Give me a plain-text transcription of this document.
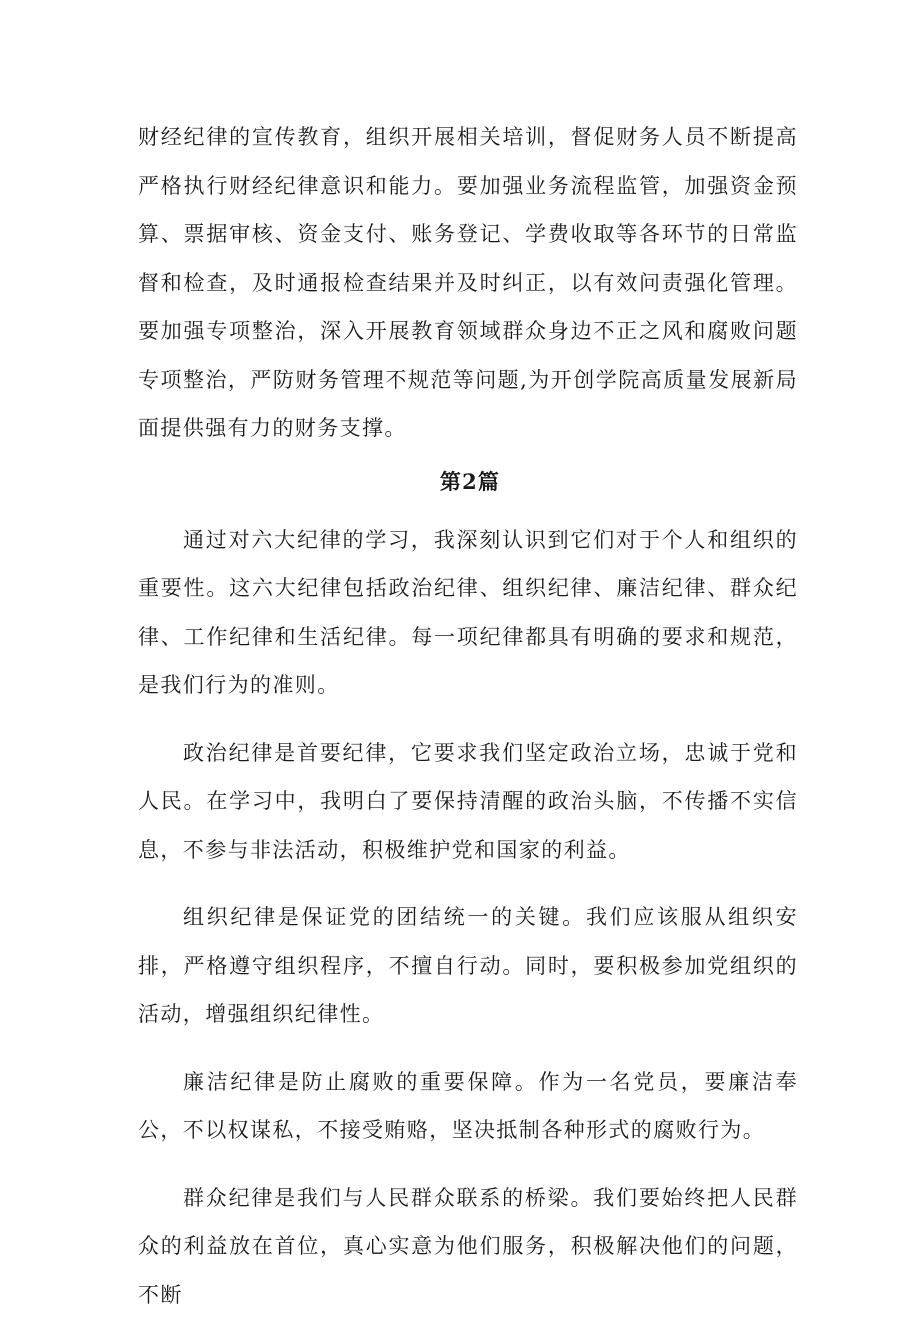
财经纪律的宣传教育，组织开展相关培训，督促财务人员不断提高严格执行财经纪律意识和能力。要加强业务流程监管，加强资金预算、票据审核、资金支付、账务登记、学费收取等各环节的日常监督和检查，及时通报检查结果并及时纠正，以有效问责强化管理。要加强专项整治，深入开展教育领域群众身边不正之风和腐败问题专项整治，严防财务管理不规范等问题,为开创学院高质量发展新局面提供强有力的财务支撑。

第2篇

通过对六大纪律的学习，我深刻认识到它们对于个人和组织的重要性。这六大纪律包括政治纪律、组织纪律、廉洁纪律、群众纪律、工作纪律和生活纪律。每一项纪律都具有明确的要求和规范，是我们行为的准则。

政治纪律是首要纪律，它要求我们坚定政治立场，忠诚于党和人民。在学习中，我明白了要保持清醒的政治头脑，不传播不实信息，不参与非法活动，积极维护党和国家的利益。

组织纪律是保证党的团结统一的关键。我们应该服从组织安排，严格遵守组织程序，不擅自行动。同时，要积极参加党组织的活动，增强组织纪律性。

廉洁纪律是防止腐败的重要保障。作为一名党员，要廉洁奉公，不以权谋私，不接受贿赂，坚决抵制各种形式的腐败行为。

群众纪律是我们与人民群众联系的桥梁。我们要始终把人民群众的利益放在首位，真心实意为他们服务，积极解决他们的问题，不断
